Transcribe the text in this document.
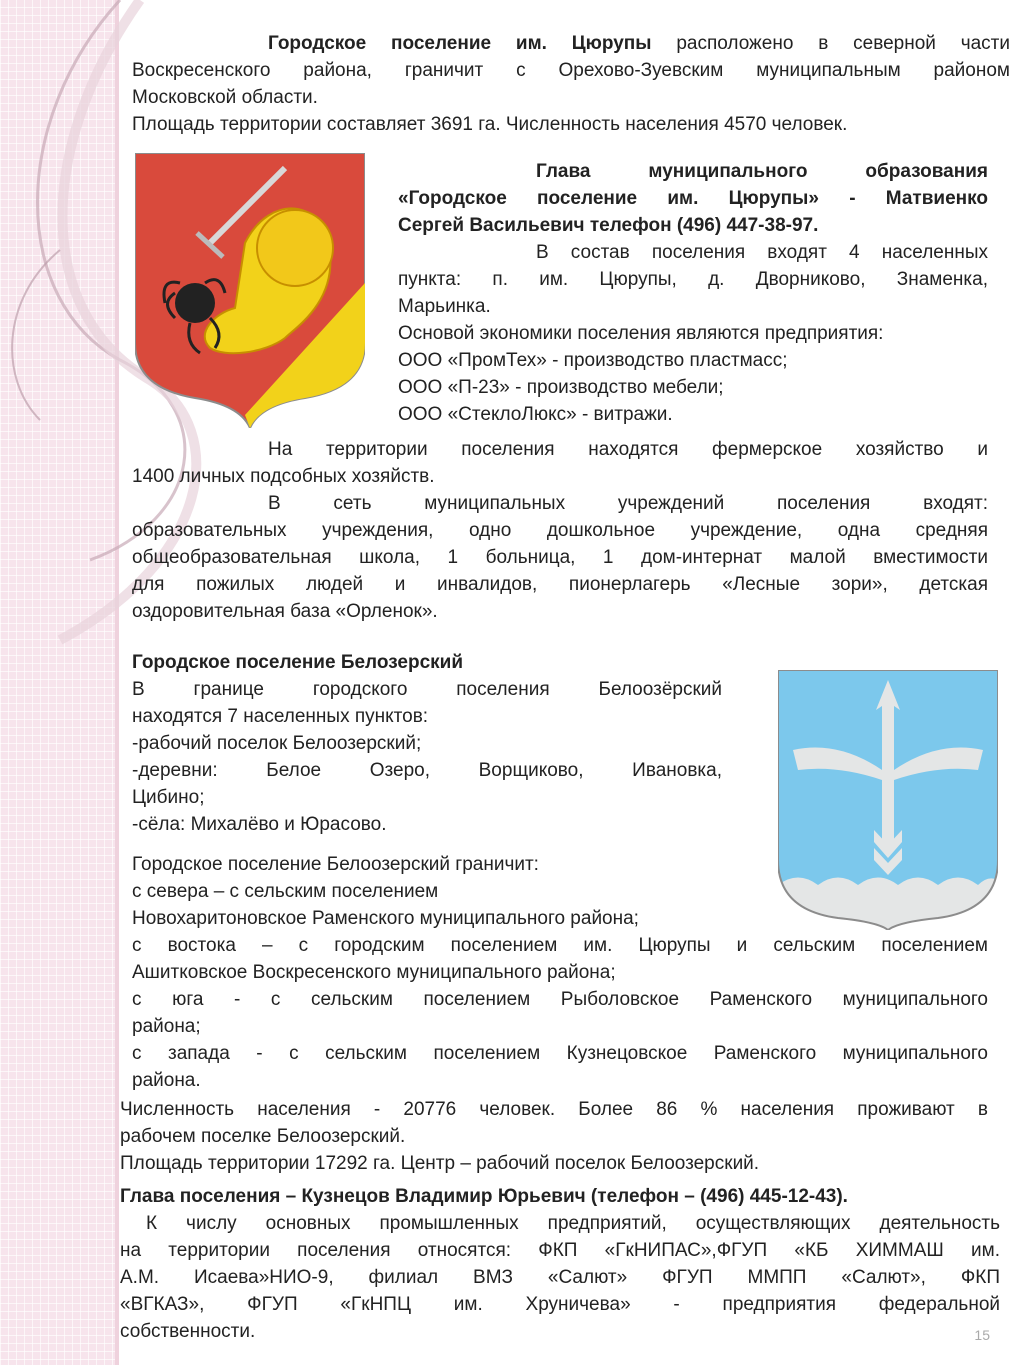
Городское поселение им. Цюрупы расположено в северной части
Воскресенского района, граничит с Орехово-Зуевским муниципальным районом
Московской области.
Площадь территории составляет 3691 га. Численность населения 4570 человек.
Глава муниципального образования
«Городское поселение им. Цюрупы» - Матвиенко
Сергей Васильевич телефон (496) 447-38-97.
В состав поселения входят 4 населенных
пункта: п. им. Цюрупы, д. Дворниково, Знаменка,
Марьинка.
Основой экономики поселения являются предприятия:
ООО «ПромТех» - производство пластмасс;
ООО «П-23» - производство мебели;
ООО «СтеклоЛюкс» - витражи.
На территории поселения находятся фермерское хозяйство и
1400 личных подсобных хозяйств.
В сеть муниципальных учреждений поселения входят:
образовательных учреждения, одно дошкольное учреждение, одна средняя
общеобразовательная школа, 1 больница, 1 дом-интернат малой вместимости
для пожилых людей и инвалидов, пионерлагерь «Лесные зори», детская
оздоровительная база «Орленок».
Городское поселение Белозерский
В границе городского поселения Белоозёрский
находятся 7 населенных пунктов:
-рабочий поселок Белоозерский;
-деревни: Белое Озеро, Ворщиково, Ивановка,
Цибино;
-сёла: Михалёво и Юрасово.
Городское поселение Белоозерский граничит:
с севера – с сельским поселением
Новохаритоновское Раменского муниципального района;
с востока – с городским поселением им. Цюрупы и сельским поселением
Ашитковское Воскресенского муниципального района;
с юга - с сельским поселением Рыболовское Раменского муниципального
района;
с запада - с сельским поселением Кузнецовское Раменского муниципального
района.
Численность населения - 20776 человек. Более 86 % населения проживают в
рабочем поселке Белоозерский.
Площадь территории 17292 га. Центр – рабочий поселок Белоозерский.
Глава поселения – Кузнецов Владимир Юрьевич (телефон – (496) 445-12-43).
К числу основных промышленных предприятий, осуществляющих деятельность
на территории поселения относятся: ФКП «ГкНИПАС»,ФГУП «КБ ХИММАШ им.
А.М. Исаева»НИО-9, филиал ВМЗ «Салют» ФГУП ММПП «Салют», ФКП
«ВГКАЗ», ФГУП «ГкНПЦ им. Хруничева» - предприятия федеральной
собственности.	15
